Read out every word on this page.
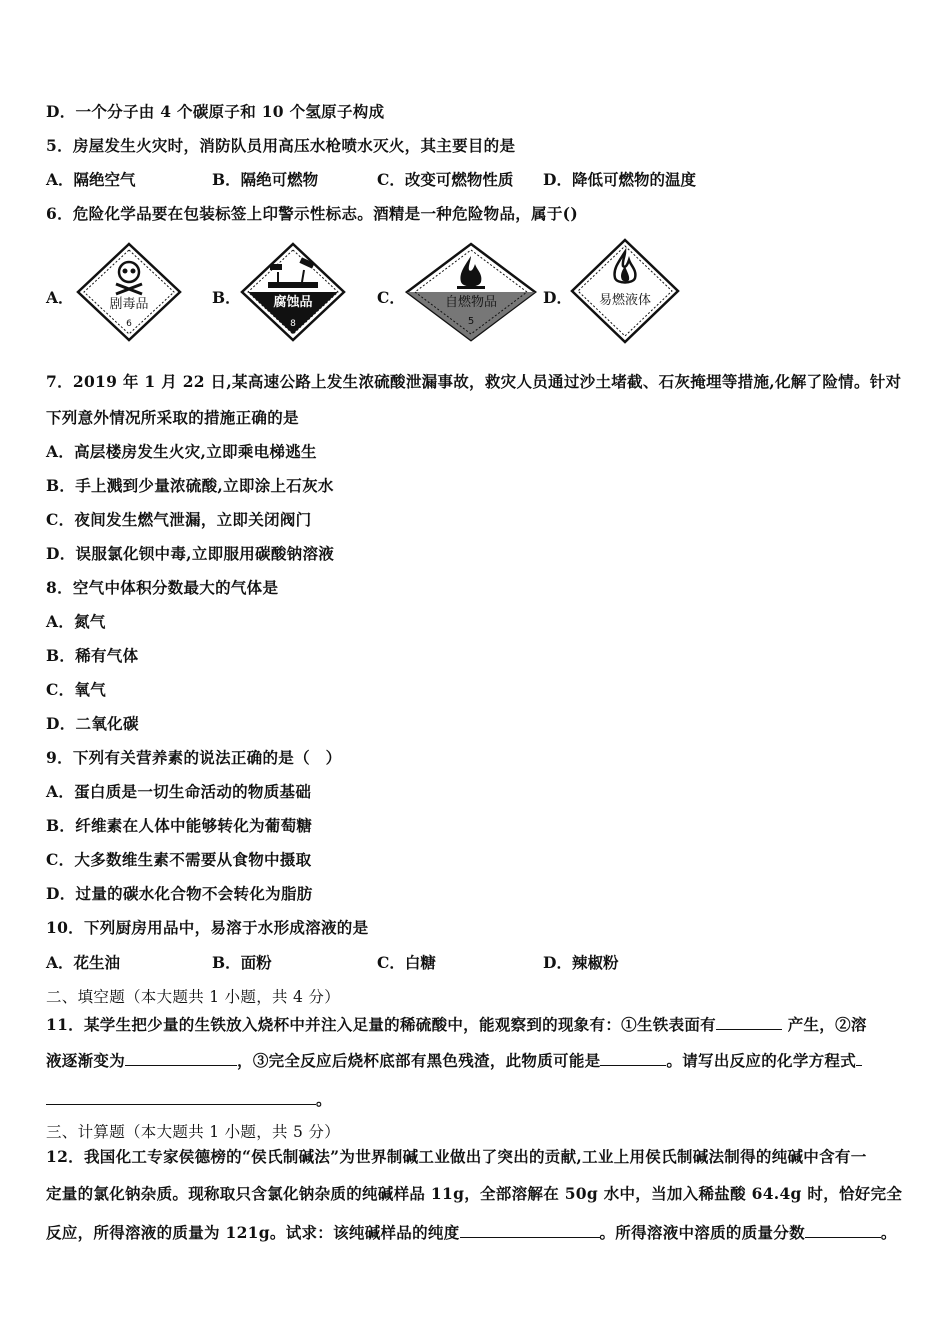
D．一个分子由 4 个碳原子和 10 个氢原子构成
5．房屋发生火灾时，消防队员用高压水枪喷水灭火，其主要目的是
A．隔绝空气	B．隔绝可燃物	C．改变可燃物性质 D．降低可燃物的温度
6．危险化学品要在包装标签上印警示性标志。酒精是一种危险物品，属于()
A．	剧毒品
6
B．	腐蚀品
8
C．	自燃物品
5
D． 易燃液体
7．2019 年 1 月 22 日,某高速公路上发生浓硫酸泄漏事故，救灾人员通过沙土堵截、石灰掩埋等措施,化解了险情。针对
下列意外情况所采取的措施正确的是
A．高层楼房发生火灾,立即乘电梯逃生
B．手上溅到少量浓硫酸,立即涂上石灰水
C．夜间发生燃气泄漏，立即关闭阀门
D．误服氯化钡中毒,立即服用碳酸钠溶液
8．空气中体积分数最大的气体是
A．氮气
B．稀有气体
C．氧气
D．二氧化碳
9．下列有关营养素的说法正确的是（　）
A．蛋白质是一切生命活动的物质基础
B．纤维素在人体中能够转化为葡萄糖
C．大多数维生素不需要从食物中摄取
D．过量的碳水化合物不会转化为脂肪
10．下列厨房用品中，易溶于水形成溶液的是
A．花生油	B．面粉	C．白糖	D．辣椒粉
二、填空题（本大题共 1 小题，共 4 分）
11．某学生把少量的生铁放入烧杯中并注入足量的稀硫酸中，能观察到的现象有：①生铁表面有	产生，②溶
液逐渐变为	，③完全反应后烧杯底部有黑色残渣，此物质可能是	。请写出反应的化学方程式
。
三、计算题（本大题共 1 小题，共 5 分）
12．我国化工专家侯德榜的“侯氏制碱法”为世界制碱工业做出了突出的贡献,工业上用侯氏制碱法制得的纯碱中含有一
定量的氯化钠杂质。现称取只含氯化钠杂质的纯碱样品 11g，全部溶解在 50g 水中，当加入稀盐酸 64.4g 时，恰好完全
反应，所得溶液的质量为 121g。试求：该纯碱样品的纯度	。所得溶液中溶质的质量分数	。
